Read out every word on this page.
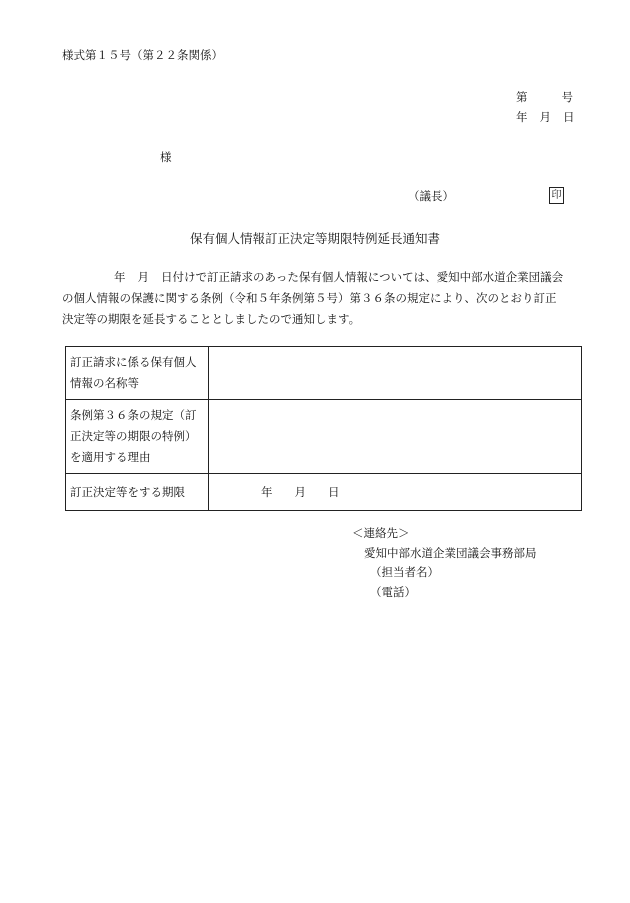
様式第１５号（第２２条関係）
第	号
年 月 日
様
（議長）	印
保有個人情報訂正決定等期限特例延長通知書
年 月 日付けで訂正請求のあった保有個人情報については、愛知中部水道企業団議会
の個人情報の保護に関する条例（令和５年条例第５号）第３６条の規定により、次のとおり訂正
決定等の期限を延長することとしましたので通知します。
訂正請求に係る保有個人
情報の名称等	

条例第３６条の規定（訂
正決定等の期限の特例）
を適用する理由	

訂正決定等をする期限	年 月 日
＜連絡先＞
愛知中部水道企業団議会事務部局
（担当者名）
（電話）
